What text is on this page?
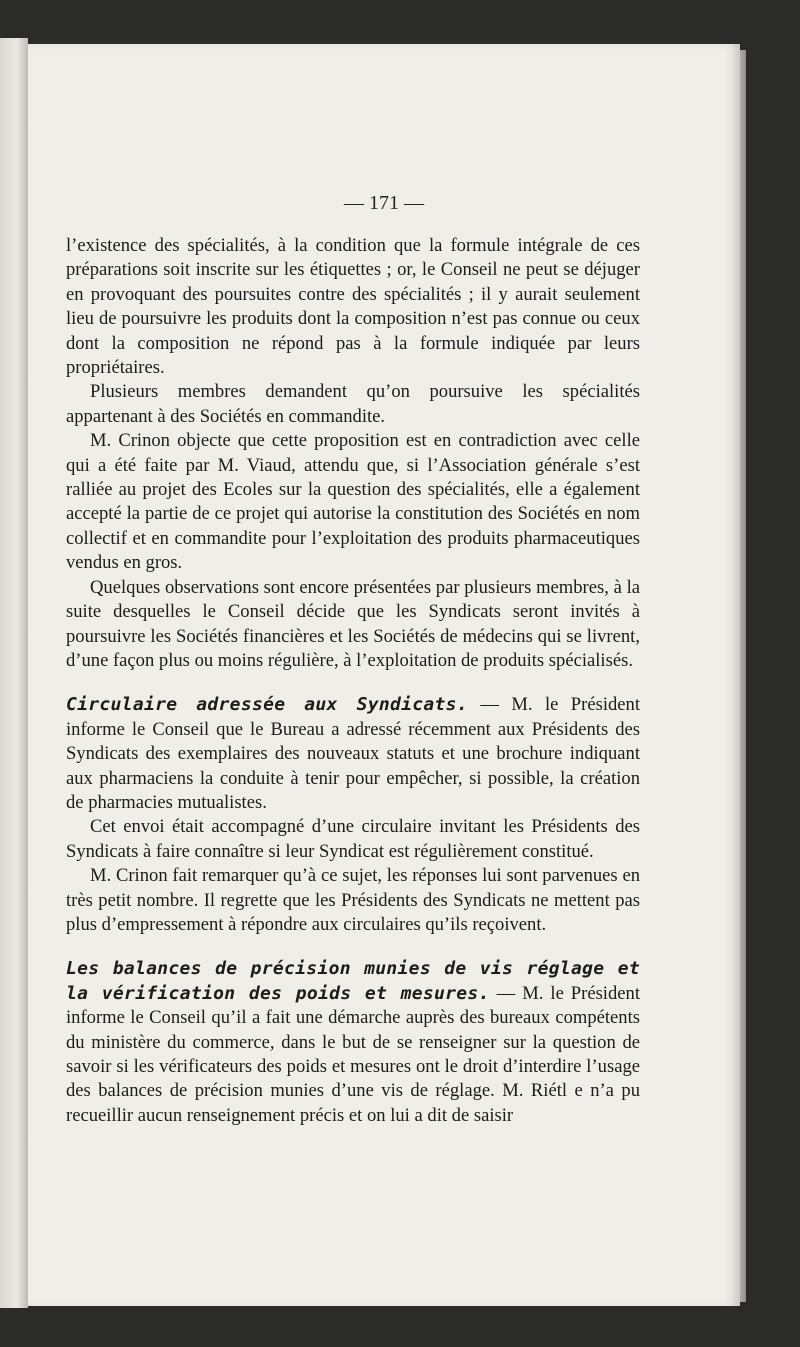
— 171 —

l’existence des spécialités, à la condition que la formule intégrale de ces préparations soit inscrite sur les étiquettes ; or, le Conseil ne peut se déjuger en provoquant des poursuites contre des spécialités ; il y aurait seulement lieu de poursuivre les produits dont la composition n’est pas connue ou ceux dont la composition ne répond pas à la formule indiquée par leurs propriétaires.

Plusieurs membres demandent qu’on poursuive les spécialités appartenant à des Sociétés en commandite.

M. Crinon objecte que cette proposition est en contradiction avec celle qui a été faite par M. Viaud, attendu que, si l’Association générale s’est ralliée au projet des Ecoles sur la question des spécialités, elle a également accepté la partie de ce projet qui autorise la constitution des Sociétés en nom collectif et en commandite pour l’exploitation des produits pharmaceutiques vendus en gros.

Quelques observations sont encore présentées par plusieurs membres, à la suite desquelles le Conseil décide que les Syndicats seront invités à poursuivre les Sociétés financières et les Sociétés de médecins qui se livrent, d’une façon plus ou moins régulière, à l’exploitation de produits spécialisés.

Circulaire adressée aux Syndicats. — M. le Président informe le Conseil que le Bureau a adressé récemment aux Présidents des Syndicats des exemplaires des nouveaux statuts et une brochure indiquant aux pharmaciens la conduite à tenir pour empêcher, si possible, la création de pharmacies mutualistes.

Cet envoi était accompagné d’une circulaire invitant les Présidents des Syndicats à faire connaître si leur Syndicat est régulièrement constitué.

M. Crinon fait remarquer qu’à ce sujet, les réponses lui sont parvenues en très petit nombre. Il regrette que les Présidents des Syndicats ne mettent pas plus d’empressement à répondre aux circulaires qu’ils reçoivent.

Les balances de précision munies de vis réglage et la vérification des poids et mesures. — M. le Président informe le Conseil qu’il a fait une démarche auprès des bureaux compétents du ministère du commerce, dans le but de se renseigner sur la question de savoir si les vérificateurs des poids et mesures ont le droit d’interdire l’usage des balances de précision munies d’une vis de réglage. M. Riétl e n’a pu recueillir aucun renseignement précis et on lui a dit de saisir
